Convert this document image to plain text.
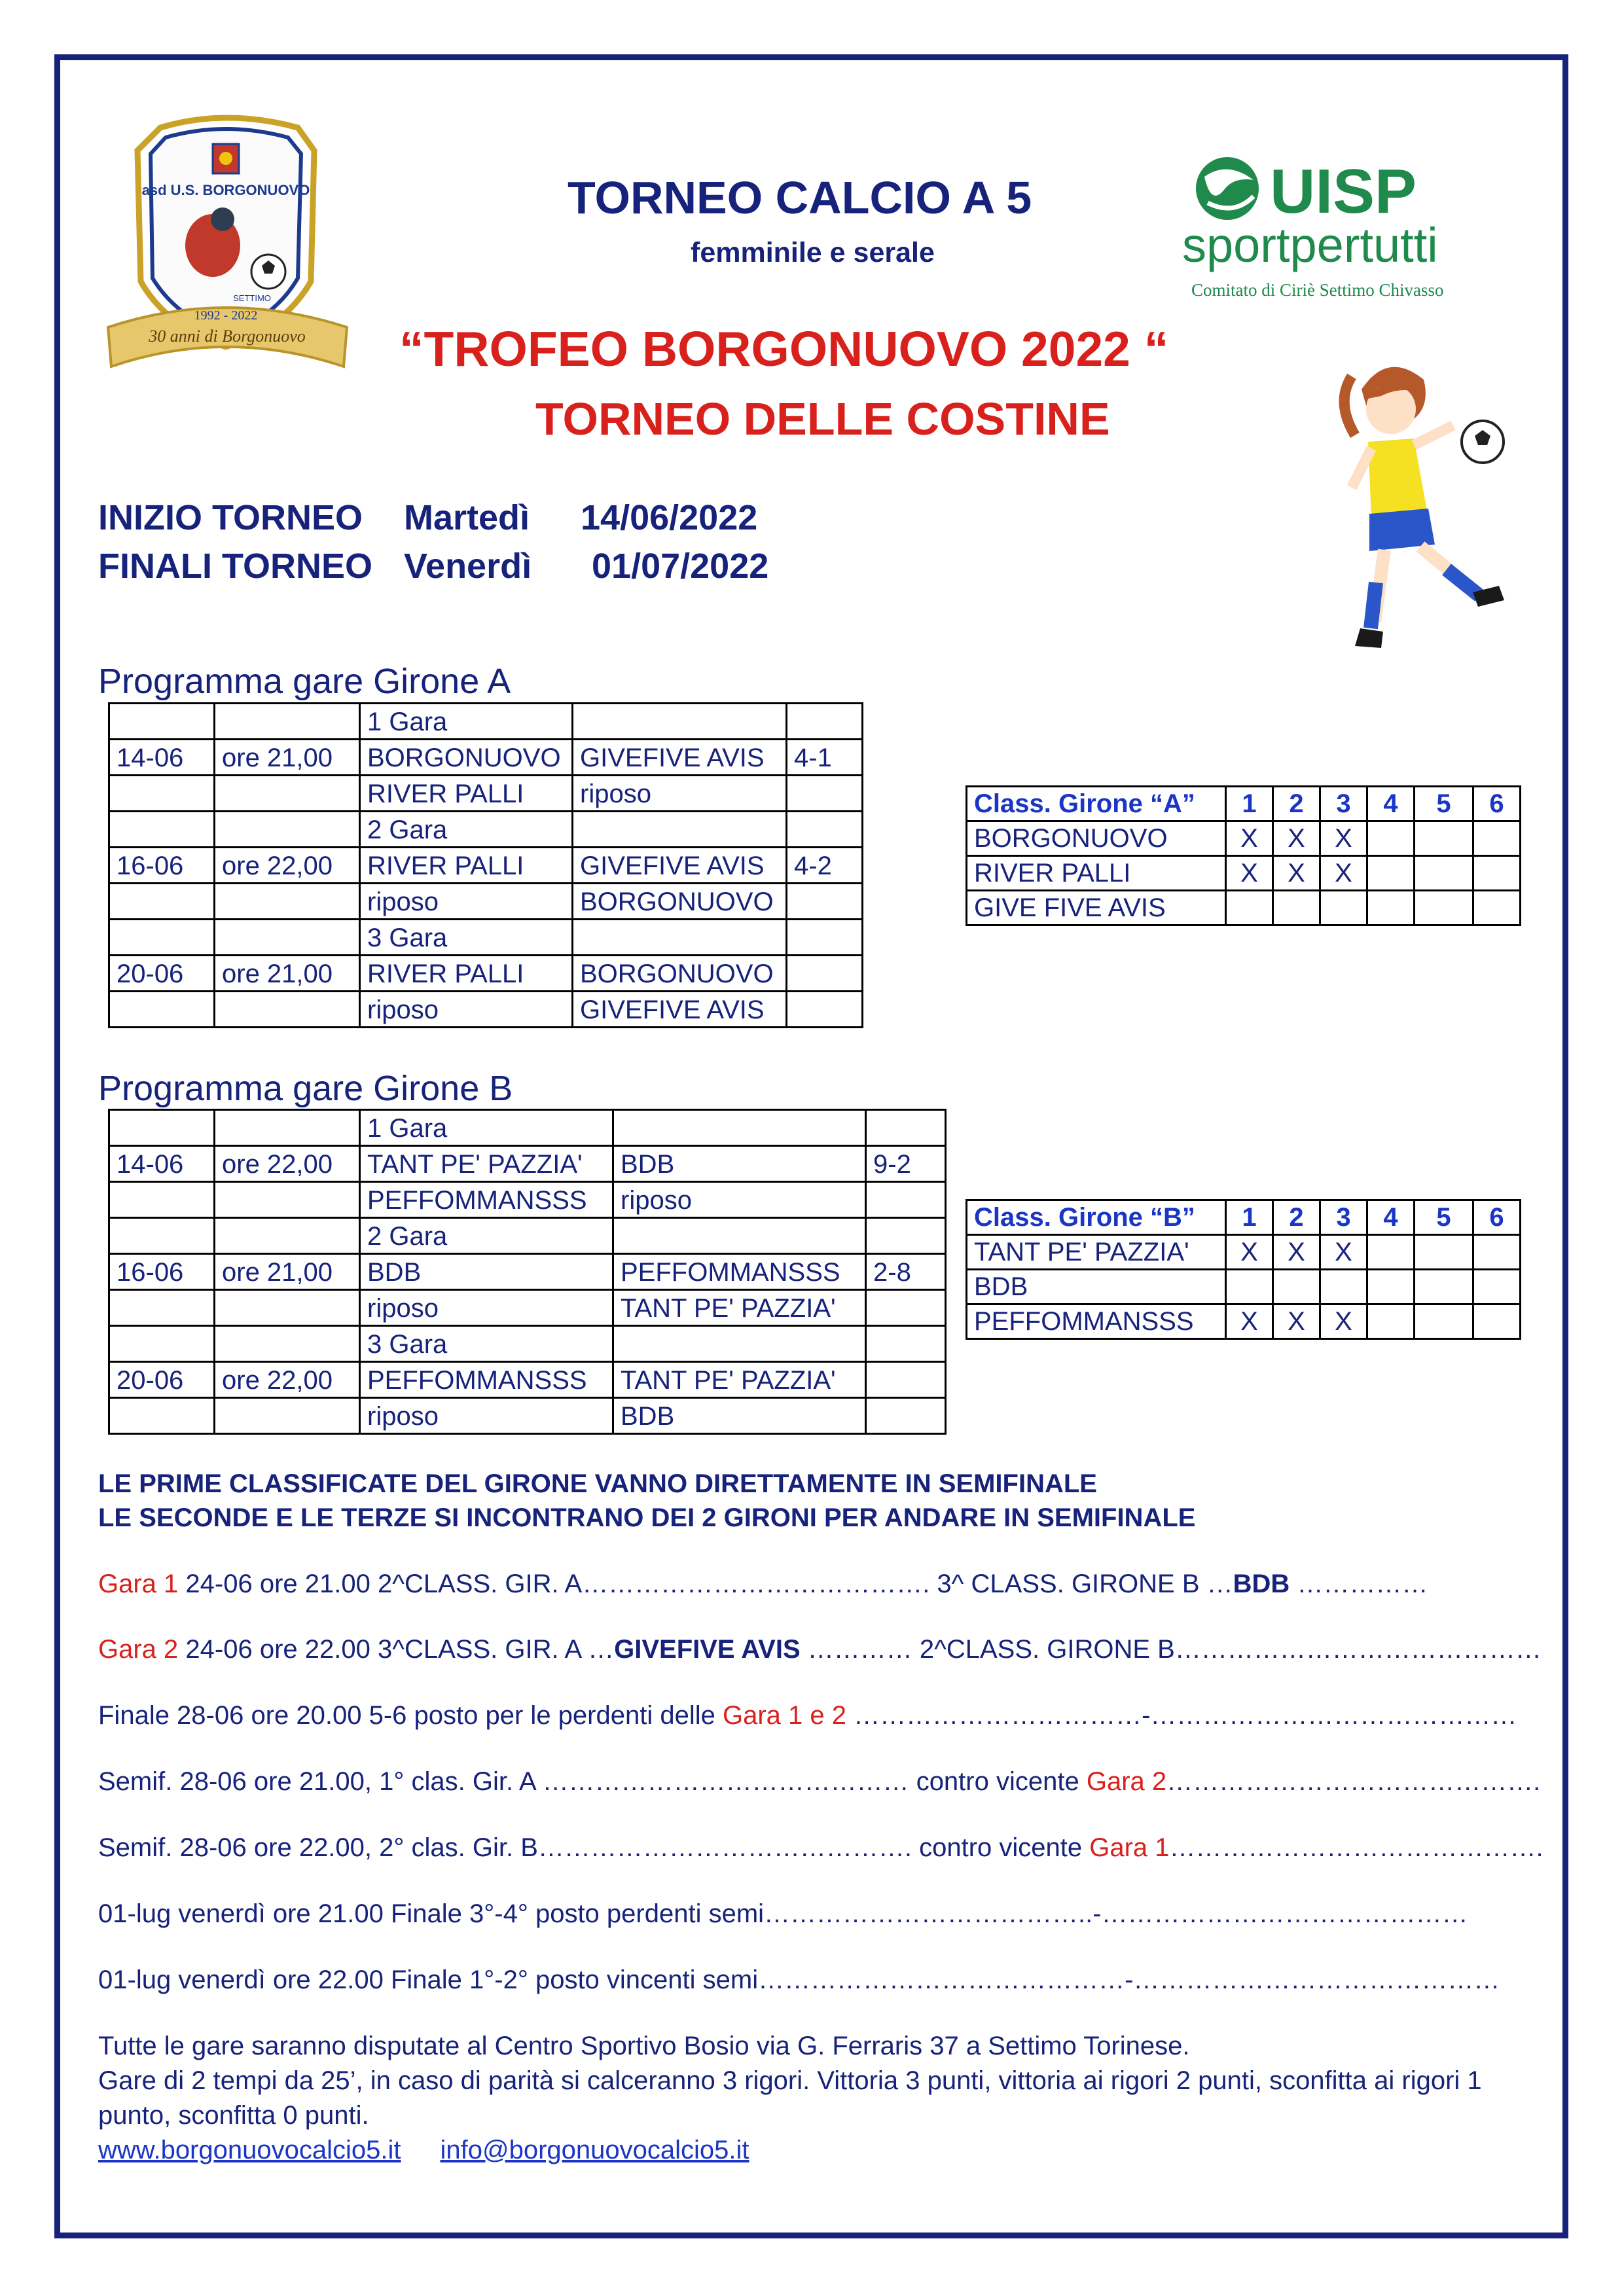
1992 - 2022
30 anni di Borgonuovo
asd U.S. BORGONUOVO
SETTIMO
UISP
sportpertutti
Comitato di Ciriè Settimo Chivasso
TORNEO CALCIO A 5
femminile e serale
“TROFEO BORGONUOVO 2022 “
TORNEO DELLE COSTINE
INIZIO TORNEO Martedì 14/06/2022
FINALI TORNEO Venerdì 01/07/2022
Programma gare Girone A
		1 Gara		
14-06	ore 21,00	BORGONUOVO	GIVEFIVE AVIS	4-1
		RIVER PALLI	riposo	
		2 Gara		
16-06	ore 22,00	RIVER PALLI	GIVEFIVE AVIS	4-2
		riposo	BORGONUOVO	
		3 Gara		
20-06	ore 21,00	RIVER PALLI	BORGONUOVO	
		riposo	GIVEFIVE AVIS	
Class. Girone “A”	1	2	3	4	5	6
BORGONUOVO	X	X	X			
RIVER PALLI	X	X	X			
GIVE FIVE AVIS						
Programma gare Girone B
		1 Gara		
14-06	ore 22,00	TANT PE' PAZZIA'	BDB	9-2
		PEFFOMMANSSS	riposo	
		2 Gara		
16-06	ore 21,00	BDB	PEFFOMMANSSS	2-8
		riposo	TANT PE' PAZZIA'	
		3 Gara		
20-06	ore 22,00	PEFFOMMANSSS	TANT PE' PAZZIA'	
		riposo	BDB	
Class. Girone “B”	1	2	3	4	5	6
TANT PE' PAZZIA'	X	X	X			
BDB						
PEFFOMMANSSS	X	X	X			
LE PRIME CLASSIFICATE DEL GIRONE VANNO DIRETTAMENTE IN SEMIFINALE
LE SECONDE E LE TERZE SI INCONTRANO DEI 2 GIRONI PER ANDARE IN SEMIFINALE
Gara 1 24-06 ore 21.00 2^CLASS. GIR. A…………………………………. 3^ CLASS. GIRONE B …BDB ……………
Gara 2 24-06 ore 22.00 3^CLASS. GIR. A …GIVEFIVE AVIS ………… 2^CLASS. GIRONE B……………………………………
Finale 28-06 ore 20.00 5-6 posto per le perdenti delle Gara 1 e 2 ……………………………-……………………………………
Semif. 28-06 ore 21.00, 1° clas. Gir. A …………………………………… contro vicente Gara 2…………………………………….
Semif. 28-06 ore 22.00, 2° clas. Gir. B……………………………………. contro vicente Gara 1…………………………………….
01-lug venerdì ore 21.00 Finale 3°-4° posto perdenti semi………………………………..-……………………………………
01-lug venerdì ore 22.00 Finale 1°-2° posto vincenti semi……………………………………-……………………………………
Tutte le gare saranno disputate al Centro Sportivo Bosio via G. Ferraris 37 a Settimo Torinese.
Gare di 2 tempi da 25’, in caso di parità si calceranno 3 rigori. Vittoria 3 punti, vittoria ai rigori 2 punti, sconfitta ai rigori 1 punto, sconfitta 0 punti.
www.borgonuovocalcio5.it info@borgonuovocalcio5.it
